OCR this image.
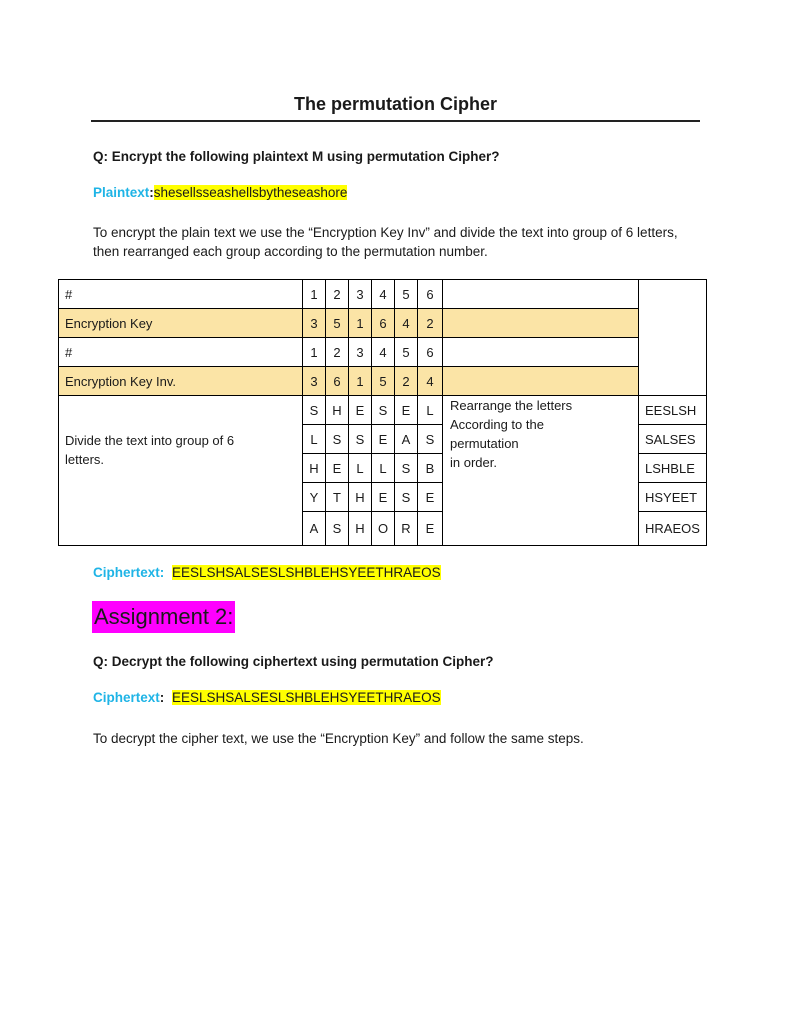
The permutation Cipher
Q: Encrypt the following plaintext M using permutation Cipher?
Plaintext:shesellsseashellsbytheseashore
To encrypt the plain text we use the “Encryption Key Inv” and divide the text into group of 6 letters, then rearranged each group according to the permutation number.
#	1	2	3	4	5	6
Encryption Key	3	5	1	6	4	2
#	1	2	3	4	5	6
Encryption Key Inv.	3	6	1	5	2	4
Divide the text into group of 6 letters.
S	H	E	S	E	L	EESLSH
L	S	S	E	A	S	SALSES
H	E	L	L	S	B	LSHBLE
Y	T	H	E	S	E	HSYEET
A	S	H	O	R	E	HRAEOS
Rearrange the letters According to the permutation
in order.
Ciphertext: EESLSHSALSESLSHBLEHSYEETHRAEOS
Assignment 2:
Q: Decrypt the following ciphertext using permutation Cipher?
Ciphertext: EESLSHSALSESLSHBLEHSYEETHRAEOS
To decrypt the cipher text, we use the “Encryption Key” and follow the same steps.
